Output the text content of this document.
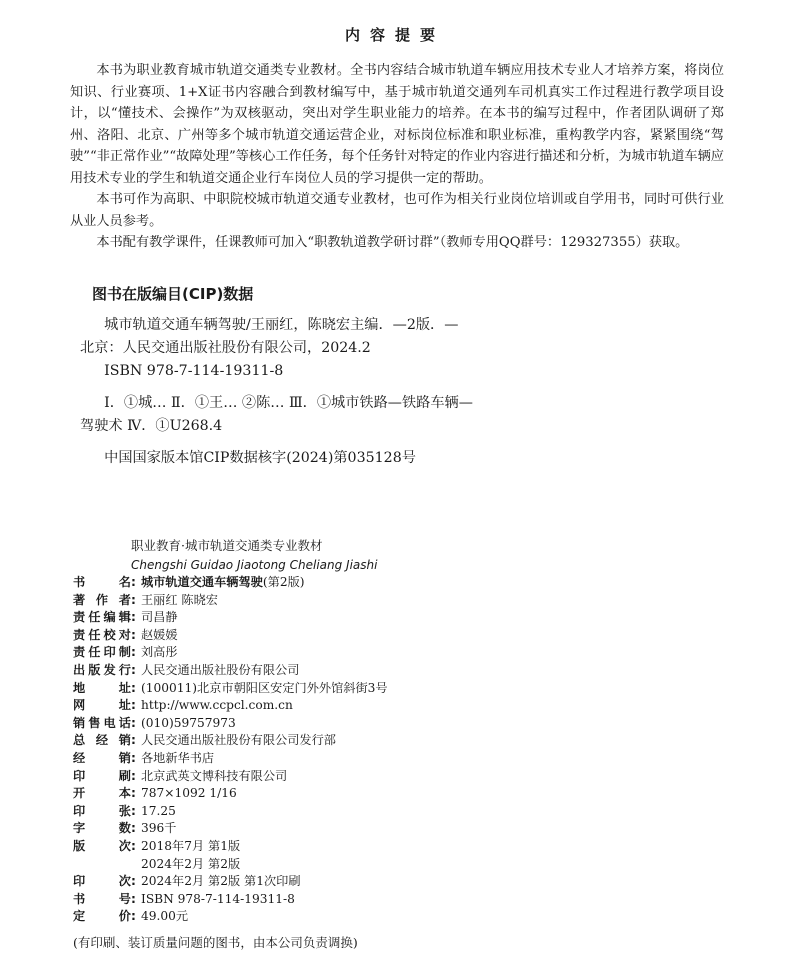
内容提要

本书为职业教育城市轨道交通类专业教材。全书内容结合城市轨道车辆应用技术专业人才培养方案，将岗位知识、行业赛项、1+X证书内容融合到教材编写中，基于城市轨道交通列车司机真实工作过程进行教学项目设计，以“懂技术、会操作”为双核驱动，突出对学生职业能力的培养。在本书的编写过程中，作者团队调研了郑州、洛阳、北京、广州等多个城市轨道交通运营企业，对标岗位标准和职业标准，重构教学内容，紧紧围绕“驾驶”“非正常作业”“故障处理”等核心工作任务，每个任务针对特定的作业内容进行描述和分析，为城市轨道车辆应用技术专业的学生和轨道交通企业行车岗位人员的学习提供一定的帮助。

本书可作为高职、中职院校城市轨道交通专业教材，也可作为相关行业岗位培训或自学用书，同时可供行业从业人员参考。

本书配有教学课件，任课教师可加入“职教轨道教学研讨群”（教师专用QQ群号：129327355）获取。

图书在版编目(CIP)数据

城市轨道交通车辆驾驶/王丽红，陈晓宏主编．—2版．—

北京：人民交通出版社股份有限公司，2024.2

ISBN 978-7-114-19311-8

Ⅰ．①城… Ⅱ．①王… ②陈… Ⅲ．①城市铁路—铁路车辆—

驾驶术 Ⅳ．①U268.4

中国国家版本馆CIP数据核字(2024)第035128号

职业教育·城市轨道交通类专业教材
Chengshi Guidao Jiaotong Cheliang Jiashi
书名: 城市轨道交通车辆驾驶(第2版)
著作者: 王丽红 陈晓宏
责任编辑: 司昌静
责任校对: 赵媛媛
责任印制: 刘高彤
出版发行: 人民交通出版社股份有限公司
地址: (100011)北京市朝阳区安定门外外馆斜街3号
网址: http://www.ccpcl.com.cn
销售电话: (010)59757973
总经销: 人民交通出版社股份有限公司发行部
经销: 各地新华书店
印刷: 北京武英文博科技有限公司
开本: 787×1092 1/16
印张: 17.25
字数: 396千
版次: 2018年7月 第1版
2024年2月 第2版
印次: 2024年2月 第2版 第1次印刷
书号: ISBN 978-7-114-19311-8
定价: 49.00元
(有印刷、装订质量问题的图书，由本公司负责调换)
